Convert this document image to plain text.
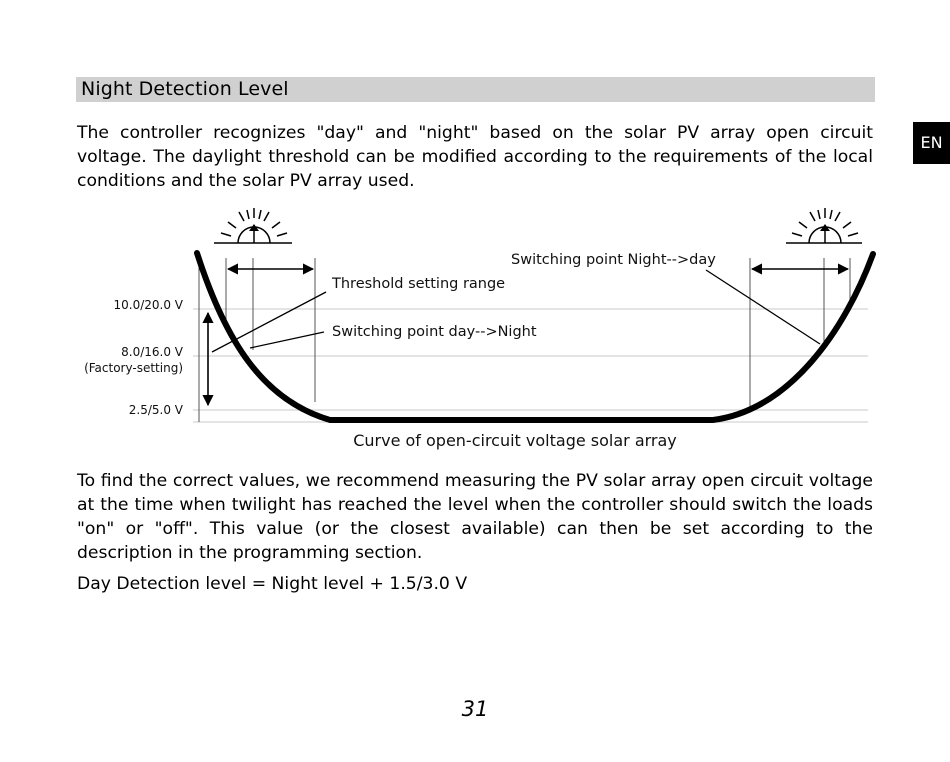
Night Detection Level
EN

The controller recognizes "day" and "night" based on the solar PV array open circuit voltage. The daylight threshold can be modified according to the requirements of the local conditions and the solar PV array used.

10.0/20.0 V
8.0/16.0 V
(Factory-setting)
2.5/5.0 V
Threshold setting range
Switching point day-->Night
Switching point Night-->day
Curve of open-circuit voltage solar array

To find the correct values, we recommend measuring the PV solar array open circuit voltage at the time when twilight has reached the level when the controller should switch the loads "on" or "off". This value (or the closest available) can then be set according to the description in the programming section.

Day Detection level = Night level + 1.5/3.0 V
31
